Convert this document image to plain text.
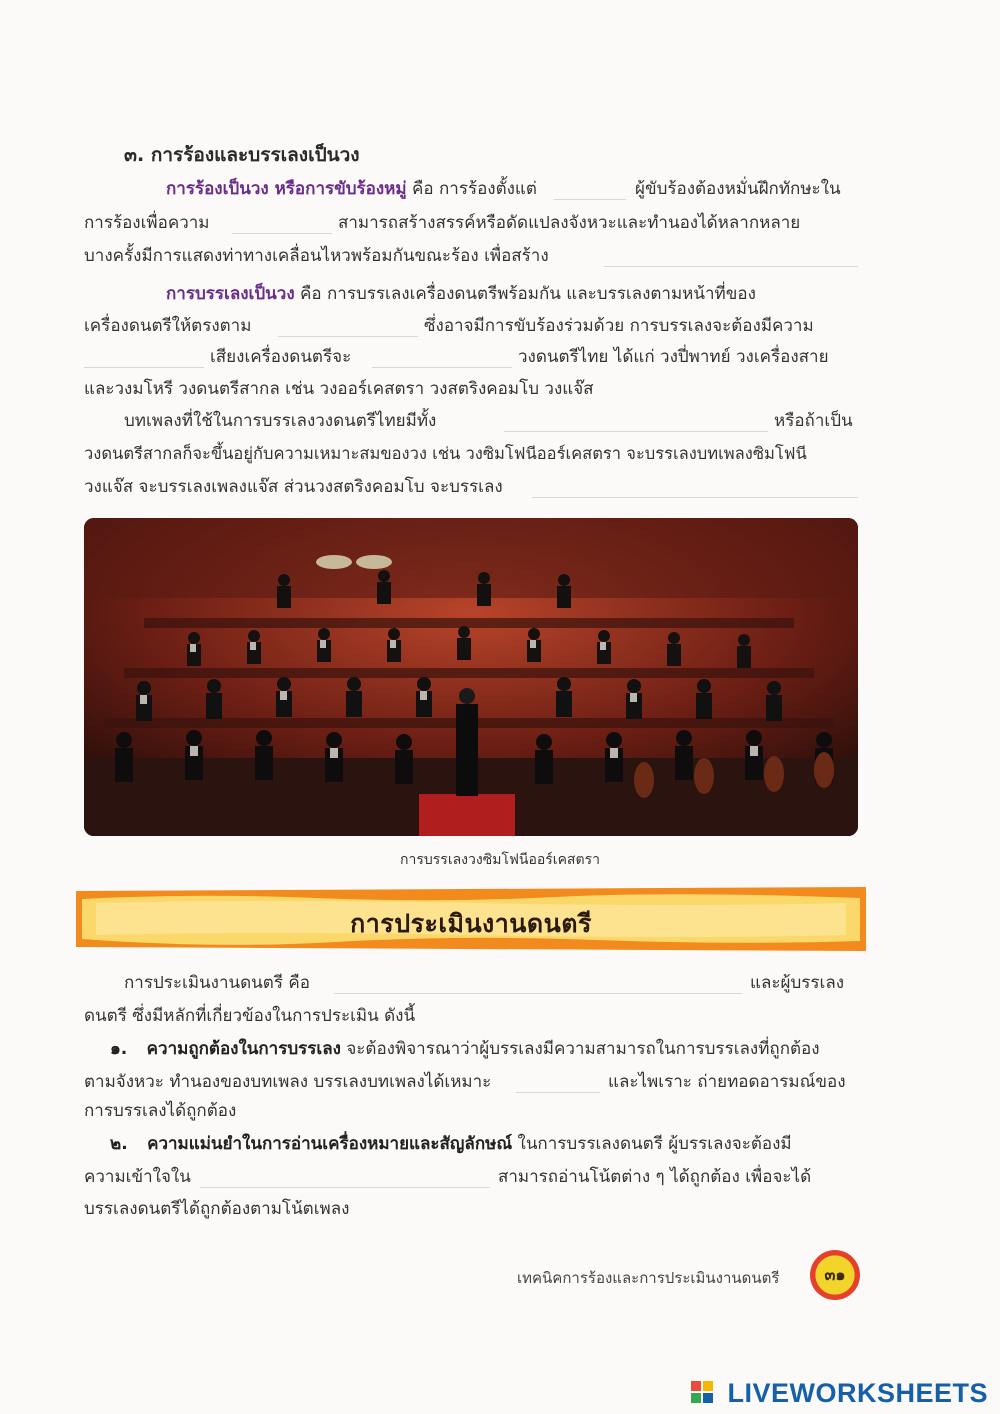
๓. การร้องและบรรเลงเป็นวง
การร้องเป็นวง หรือการขับร้องหมู่ คือ การร้องตั้งแต่	ผู้ขับร้องต้องหมั่นฝึกทักษะใน
การร้องเพื่อความ	สามารถสร้างสรรค์หรือดัดแปลงจังหวะและทำนองได้หลากหลาย
บางครั้งมีการแสดงท่าทางเคลื่อนไหวพร้อมกันขณะร้อง เพื่อสร้าง
การบรรเลงเป็นวง คือ การบรรเลงเครื่องดนตรีพร้อมกัน และบรรเลงตามหน้าที่ของ
เครื่องดนตรีให้ตรงตาม	ซึ่งอาจมีการขับร้องร่วมด้วย การบรรเลงจะต้องมีความ
เสียงเครื่องดนตรีจะ	วงดนตรีไทย ได้แก่ วงปี่พาทย์ วงเครื่องสาย
และวงมโหรี วงดนตรีสากล เช่น วงออร์เคสตรา วงสตริงคอมโบ วงแจ๊ส
บทเพลงที่ใช้ในการบรรเลงวงดนตรีไทยมีทั้ง	หรือถ้าเป็น
วงดนตรีสากลก็จะขึ้นอยู่กับความเหมาะสมของวง เช่น วงซิมโฟนีออร์เคสตรา จะบรรเลงบทเพลงซิมโฟนี
วงแจ๊ส จะบรรเลงเพลงแจ๊ส ส่วนวงสตริงคอมโบ จะบรรเลง
การบรรเลงวงซิมโฟนีออร์เคสตรา
การประเมินงานดนตรี
การประเมินงานดนตรี คือ	และผู้บรรเลง
ดนตรี ซึ่งมีหลักที่เกี่ยวข้องในการประเมิน ดังนี้
๑. ความถูกต้องในการบรรเลง จะต้องพิจารณาว่าผู้บรรเลงมีความสามารถในการบรรเลงที่ถูกต้อง
ตามจังหวะ ทำนองของบทเพลง บรรเลงบทเพลงได้เหมาะ	และไพเราะ ถ่ายทอดอารมณ์ของ
การบรรเลงได้ถูกต้อง
๒. ความแม่นยำในการอ่านเครื่องหมายและสัญลักษณ์ ในการบรรเลงดนตรี ผู้บรรเลงจะต้องมี
ความเข้าใจใน	สามารถอ่านโน้ตต่าง ๆ ได้ถูกต้อง เพื่อจะได้
บรรเลงดนตรีได้ถูกต้องตามโน้ตเพลง
เทคนิคการร้องและการประเมินงานดนตรี	๓๑
LIVEWORKSHEETS
